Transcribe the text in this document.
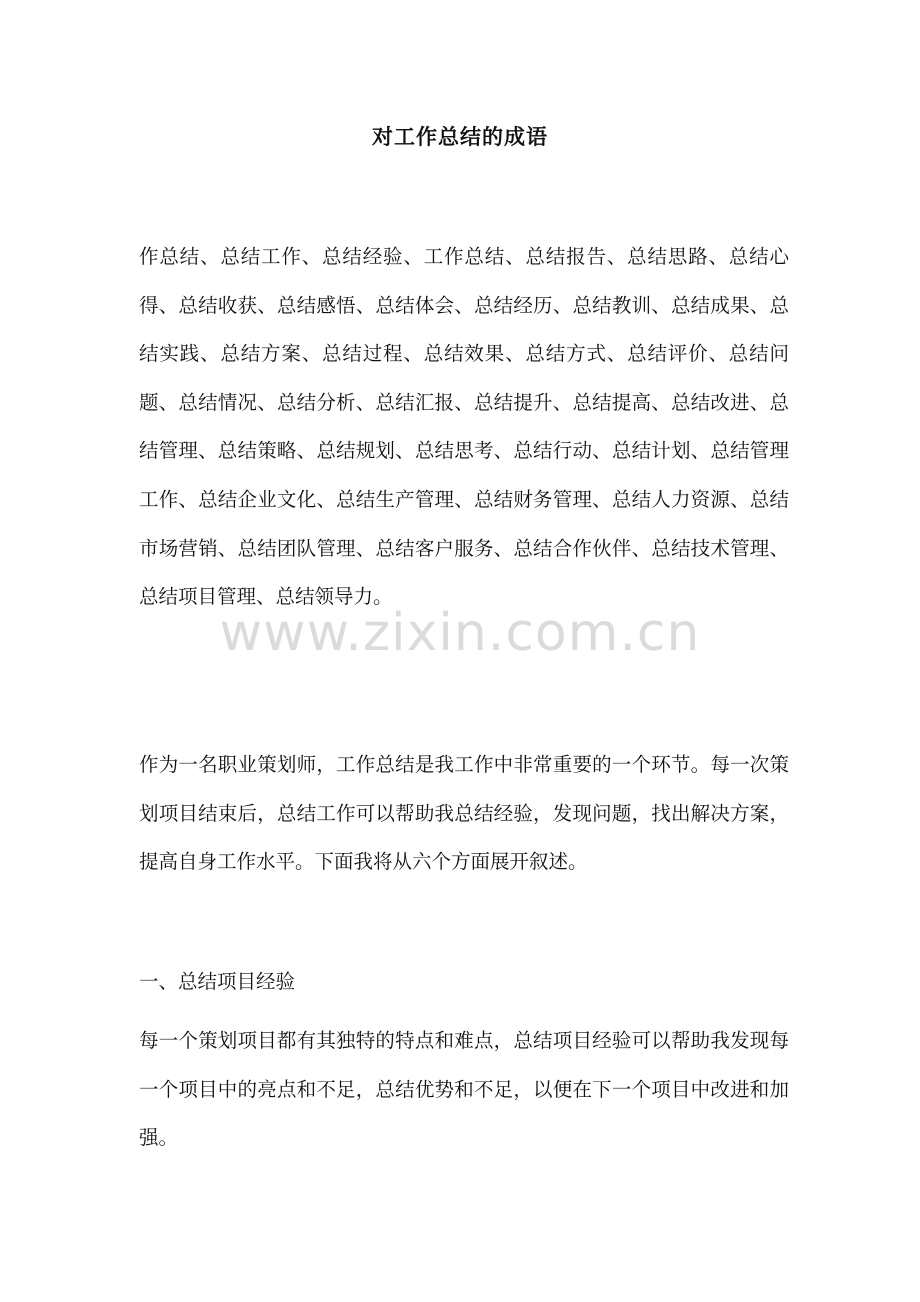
对工作总结的成语
作总结、总结工作、总结经验、工作总结、总结报告、总结思路、总结心得、总结收获、总结感悟、总结体会、总结经历、总结教训、总结成果、总结实践、总结方案、总结过程、总结效果、总结方式、总结评价、总结问题、总结情况、总结分析、总结汇报、总结提升、总结提高、总结改进、总结管理、总结策略、总结规划、总结思考、总结行动、总结计划、总结管理工作、总结企业文化、总结生产管理、总结财务管理、总结人力资源、总结市场营销、总结团队管理、总结客户服务、总结合作伙伴、总结技术管理、总结项目管理、总结领导力。
www.zixin.com.cn
作为一名职业策划师，工作总结是我工作中非常重要的一个环节。每一次策划项目结束后，总结工作可以帮助我总结经验，发现问题，找出解决方案，提高自身工作水平。下面我将从六个方面展开叙述。
一、总结项目经验
每一个策划项目都有其独特的特点和难点，总结项目经验可以帮助我发现每一个项目中的亮点和不足，总结优势和不足，以便在下一个项目中改进和加强。
